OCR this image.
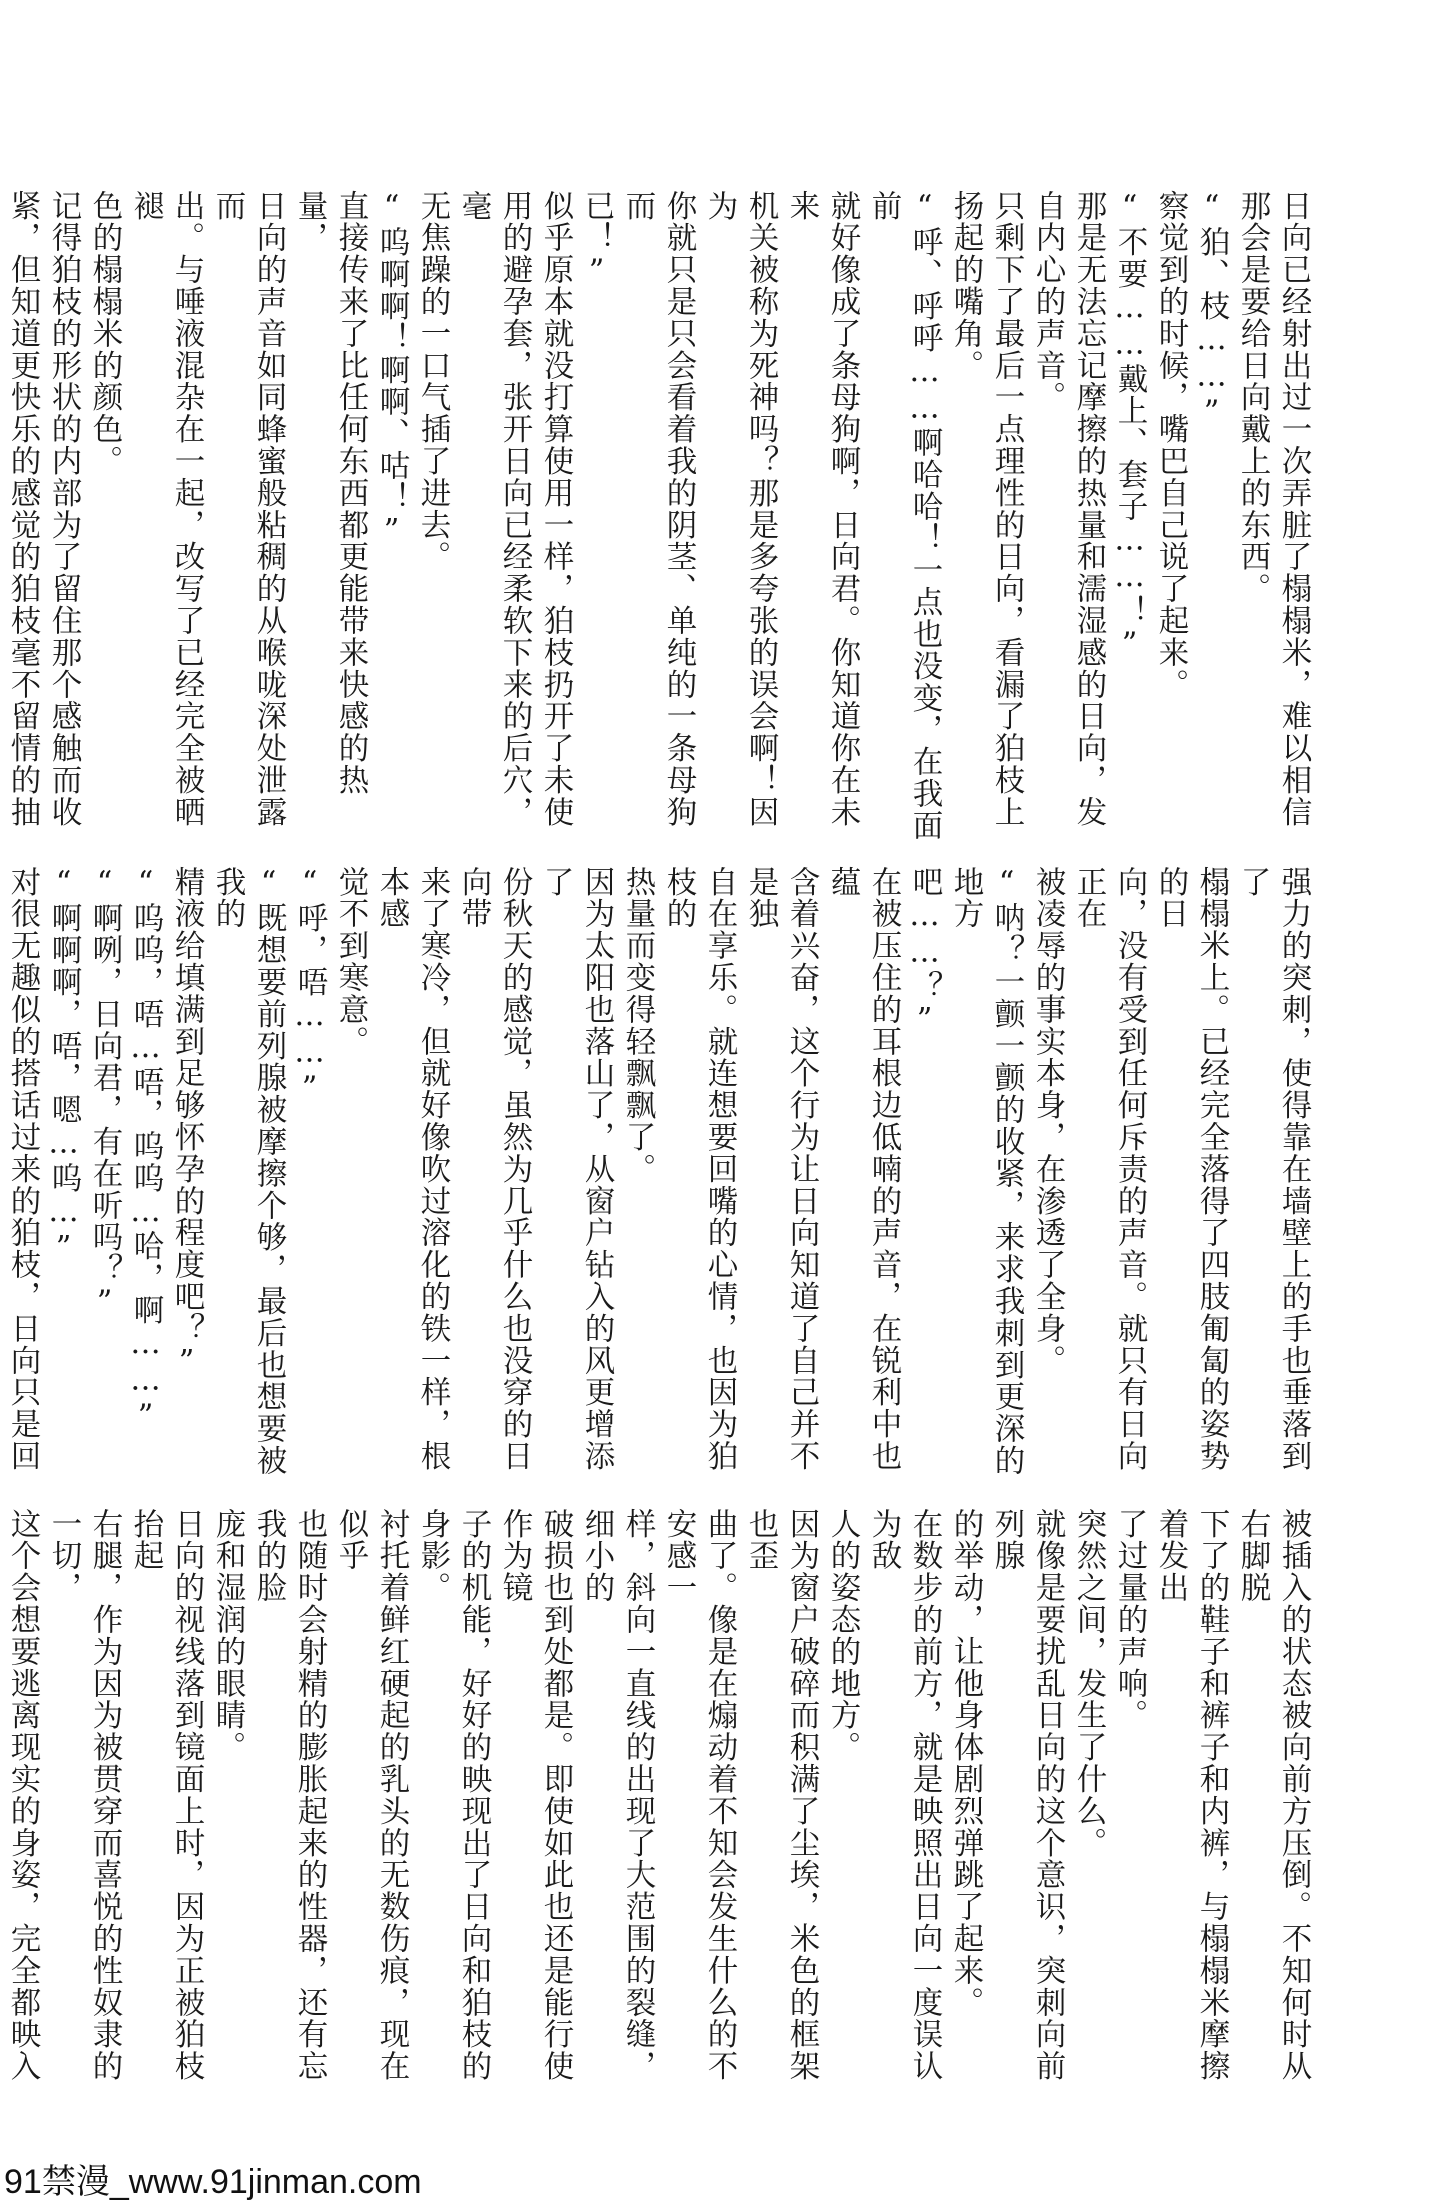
日向已经射出过一次弄脏了榻榻米，难以相信

那会是要给日向戴上的东西。

“狛、枝……”

察觉到的时候，嘴巴自己说了起来。

“不要……戴上、套子……！”

那是无法忘记摩擦的热量和濡湿感的日向，发

自内心的声音。

只剩下了最后一点理性的日向，看漏了狛枝上

扬起的嘴角。

“呼、呼呼……啊哈哈！一点也没变，在我面前

就好像成了条母狗啊，日向君。你知道你在未来

机关被称为死神吗？那是多夸张的误会啊！因为

你就只是只会看着我的阴茎、单纯的一条母狗而

已！”

似乎原本就没打算使用一样，狛枝扔开了未使

用的避孕套，张开日向已经柔软下来的后穴，毫

无焦躁的一口气插了进去。

“呜啊啊！啊啊、咕！”

直接传来了比任何东西都更能带来快感的热量，

日向的声音如同蜂蜜般粘稠的从喉咙深处泄露而

出。与唾液混杂在一起，改写了已经完全被晒褪

色的榻榻米的颜色。

记得狛枝的形状的内部为了留住那个感触而收

紧，但知道更快乐的感觉的狛枝毫不留情的抽

强力的突刺，使得靠在墙壁上的手也垂落到了

榻榻米上。已经完全落得了四肢匍匐的姿势的日

向，没有受到任何斥责的声音。就只有日向正在

被凌辱的事实本身，在渗透了全身。

“呐？一颤一颤的收紧，来求我刺到更深的地方

吧……？”

在被压住的耳根边低喃的声音，在锐利中也蕴

含着兴奋，这个行为让日向知道了自己并不是独

自在享乐。就连想要回嘴的心情，也因为狛枝的

热量而变得轻飘飘了。

因为太阳也落山了，从窗户钻入的风更增添了

份秋天的感觉，虽然为几乎什么也没穿的日向带

来了寒冷，但就好像吹过溶化的铁一样，根本感

觉不到寒意。

“呼，唔……”

“既想要前列腺被摩擦个够，最后也想要被我的

精液给填满到足够怀孕的程度吧？”

“呜呜，唔…唔，呜呜…哈，啊……”

“啊咧，日向君，有在听吗？”

“啊啊啊，唔，嗯…呜…”

对很无趣似的搭话过来的狛枝，日向只是回

被插入的状态被向前方压倒。不知何时从右脚脱

下了的鞋子和裤子和内裤，与榻榻米摩擦着发出

了过量的声响。

突然之间，发生了什么。

就像是要扰乱日向的这个意识，突刺向前列腺

的举动，让他身体剧烈弹跳了起来。

在数步的前方，就是映照出日向一度误认为敌

人的姿态的地方。

因为窗户破碎而积满了尘埃，米色的框架也歪

曲了。像是在煽动着不知会发生什么的不安感一

样，斜向一直线的出现了大范围的裂缝，细小的

破损也到处都是。即使如此也还是能行使作为镜

子的机能，好好的映现出了日向和狛枝的身影。

衬托着鲜红硬起的乳头的无数伤痕，现在似乎

也随时会射精的膨胀起来的性器，还有忘我的脸

庞和湿润的眼睛。

日向的视线落到镜面上时，因为正被狛枝抬起

右腿，作为因为被贯穿而喜悦的性奴隶的一切，

这个会想要逃离现实的身姿，完全都映入

91禁漫_www.91jinman.com
